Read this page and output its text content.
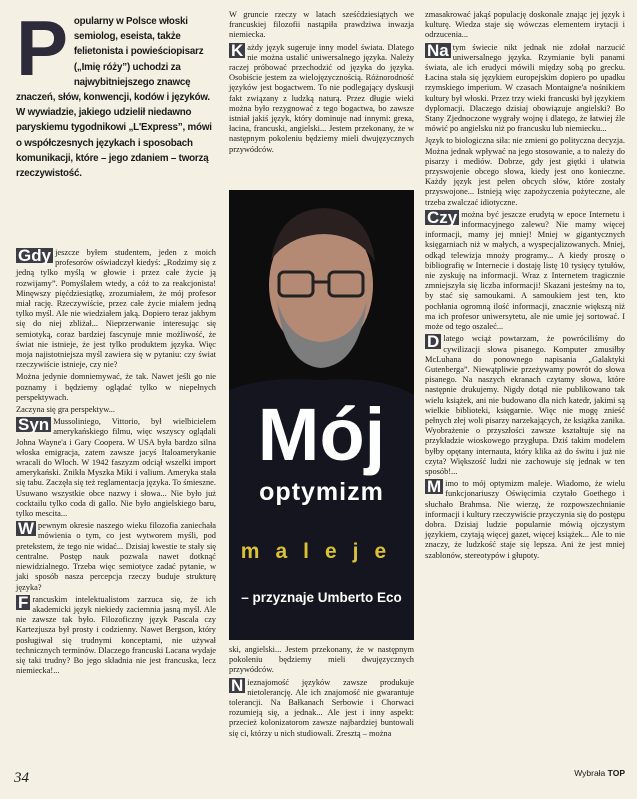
P opularny w Polsce włoski semiolog, eseista, także felietonista i powieściopisarz („Imię róży”) uchodzi za najwybitniejszego znawcę znaczeń, słów, konwencji, kodów i języków. W wywiadzie, jakiego udzielił niedawno paryskiemu tygodnikowi „L'Express”, mówi o współczesnych językach i sposobach komunikacji, które – jego zdaniem – tworzą rzeczywistość.

Gdy jeszcze byłem studentem, jeden z moich profesorów oświadczył kiedyś: „Rodzimy się z jedną tylko myślą w głowie i przez całe życie ją rozwijamy”. Pomyślałem wtedy, a cóż to za reakcjonista! Minęwszy pięćdziesiątkę, zrozumiałem, że mój profesor miał rację. Rzeczywiście, przez całe życie miałem jedną tylko myśl. Ale nie wiedziałem jaką. Dopiero teraz jakbym się do niej zbliżał... Nieprzerwanie interesując się semiotyką, coraz bardziej fascynuje mnie możliwość, że świat nie istnieje, że jest tylko produktem języka. Więc moja najistotniejsza myśl zawiera się w pytaniu: czy świat rzeczywiście istnieje, czy nie?

Można jedynie domniemywać, że tak. Nawet jeśli go nie poznamy i będziemy oglądać tylko w niepełnych perspektywach.

Zaczyna się gra perspektyw...

Syn Mussoliniego, Vittorio, był wielbicielem amerykańskiego filmu, więc wszyscy oglądali Johna Wayne'a i Gary Coopera. W USA była bardzo silna włoska emigracja, zatem zawsze jacyś Italoamerykanie wracali do Włoch. W 1942 faszyzm odciął wszelki import amerykański. Znikła Myszka Miki i valium. Ameryka stała się tabu. Zaczęła się też reglamentacja języka. To śmieszne. Usuwano wszystkie obce nazwy i słowa... Nie było już cocktailu tylko coda di gallo. Nie było angielskiego baru, tylko mescita...

W pewnym okresie naszego wieku filozofia zaniechała mówienia o tym, co jest wytworem myśli, pod pretekstem, że tego nie widać... Dzisiaj kwestie te stały się centralne. Postęp nauk pozwala nawet dotknąć niewidzialnego. Trzeba więc semiotyce zadać pytanie, w jaki sposób nasza percepcja rzeczy buduje strukturę języka?

F rancuskim intelektualistom zarzuca się, że ich akademicki język niekiedy zaciemnia jasną myśl. Ale nie zawsze tak było. Filozoficzny język Pascala czy Kartezjusza był prosty i codzienny. Nawet Bergson, który posługiwał się trudnymi konceptami, nie używał technicznych terminów. Dlaczego francuski Lacana wydaje się taki trudny? Bo jego składnia nie jest francuska, lecz niemiecka!...

W gruncie rzeczy w latach sześćdziesiątych we francuskiej filozofii nastąpiła prawdziwa inwazja niemiecka.

K ażdy język sugeruje inny model świata. Dlatego nie można ustalić uniwersalnego języka. Należy raczej próbować przechodzić od języka do języka. Osobiście jestem za wielojęzycznością. Różnorodność języków jest bogactwem. To nie podlegający dyskusji fakt związany z ludzką naturą. Przez długie wieki można było rezygnować z tego bogactwa, bo zawsze istniał jakiś język, który dominuje nad innymi: grека, łacina, francuski, angielski... Jestem przekonany, że w następnym pokoleniu będziemy mieli dwujęzycznych przywódców.

Mój
optymizm
maleje
– przyznaje Umberto Eco

ski, angielski... Jestem przekonany, że w następnym pokoleniu będziemy mieli dwujęzycznych przywódców.

N ieznajomość języków zawsze produkuje nietolerancję. Ale ich znajomość nie gwarantuje tolerancji. Na Bałkanach Serbowie i Chorwaci rozumieją się, a jednak... Ale jest i inny aspekt: przecież kolonizatorom zawsze najbardziej buntowali się ci, którzy u nich studiowali. Zresztą – można

zmasakrować jakąś populację doskonale znając jej język i kulturę. Wiedza staje się wówczas elementem irytacji i odrzucenia...

Na tym świecie nikt jednak nie zdołał narzucić uniwersalnego języka. Rzymianie byli panami świata, ale ich erudyci mówili między sobą po grecku. Łacina stała się językiem europejskim dopiero po upadku rzymskiego imperium. W czasach Montaigne'a nośnikiem kultury był włoski. Przez trzy wieki francuski był językiem dyplomacji. Dlaczego dzisiaj obowiązuje angielski? Bo Stany Zjednoczone wygrały wojnę i dlatego, że łatwiej źle mówić po angielsku niż po francusku lub niemiecku...

Język to biologiczna siła: nie zmieni go polityczna decyzja. Można jednak wpływać na jego stosowanie, a to należy do pisarzy i mediów. Dobrze, gdy jest giętki i ułatwia przyswojenie obcego słowa, kiedy jest ono konieczne. Każdy język jest pełen obcych słów, które zostały przyswojone... Istnieją więc zapożyczenia pożyteczne, ale trzeba zwalczać idiotyczne.

Czy można być jeszcze erudytą w epoce Internetu i informacyjnego zalewu? Nie mamy więcej informacji, mamy jej mniej! Mniej w gigantycznych księgarniach niż w małych, a wyspecjalizowanych. Mniej, odkąd telewizja mnoży programy... A kiedy proszę o bibliografię w Internecie i dostaję listę 10 tysięcy tytułów, nie zyskuję na informacji. Wraz z Internetem tragicznie zmniejszyła się liczba informacji! Skazani jesteśmy na to, by stać się samoukami. A samoukiem jest ten, kto pochłania ogromną ilość informacji, znacznie większą niż ma ich profesor uniwersytetu, ale nie umie jej sortować. I może od tego oszaleć...

D latego wciąż powtarzam, że powróciliśmy do cywilizacji słowa pisanego. Komputer zmusiłby McLuhana do ponownego napisania „Galaktyki Gutenberga”. Niewątpliwie przeżywamy powrót do słowa pisanego. Na naszych ekranach czytamy słowa, które następnie drukujemy. Nigdy dotąd nie publikowano tak wielu książek, ani nie budowano dla nich katedr, jakimi są wielkie biblioteki, księgarnie. Więc nie mogę znieść pełnych złej woli pisarzy narzekających, że książka zanika. Wyobrażenie o przyszłości zawsze kształtuje się na przykładzie wioskowego przygłupa. Dziś takim modelem byłby opętany internauta, który klika aż do świtu i już nie czyta? Większość ludzi nie zachowuje się jednak w ten sposób!...

M imo to mój optymizm maleje. Wiadomo, że wielu funkcjonariuszy Oświęcimia czytało Goethego i słuchało Brahmsa. Nie wierzę, że rozpowszechnianie informacji i kultury rzeczywiście przyczynia się do postępu dobra. Dzisiaj ludzie popularnie mówią ojczystym językiem, czytają więcej gazet, więcej książek... Ale to nie znaczy, że ludzkość staje się lepsza. Ani że jest mniej szablonów, stereotypów i głupoty.

Wybrała TOP
34
